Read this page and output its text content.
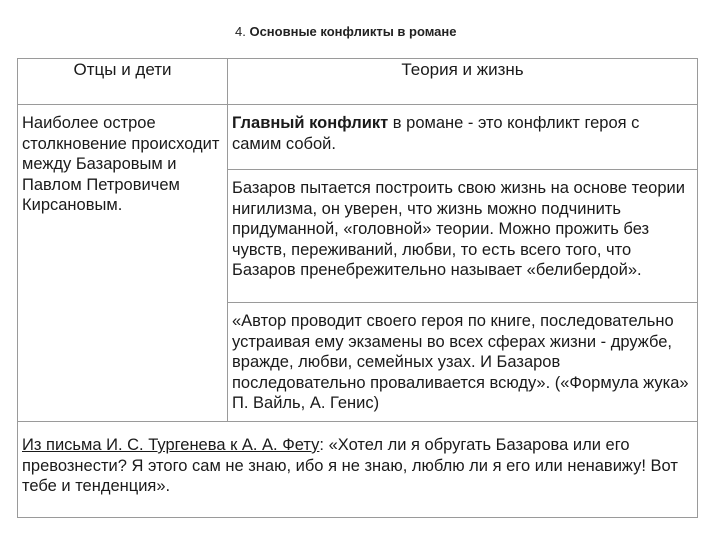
4. Основные конфликты в романе
Отцы и дети	Теория и жизнь
Наиболее острое столкновение происходит между Базаровым и Павлом Петровичем Кирсановым.	Главный конфликт в романе - это конфликт героя с самим собой.
	Базаров пытается построить свою жизнь на основе теории нигилизма, он уверен, что жизнь можно подчинить придуманной, «головной» теории. Можно прожить без чувств, переживаний, любви, то есть всего того, что Базаров пренебрежительно называет «белибердой».
	«Автор проводит своего героя по книге, последовательно устраивая ему экзамены во всех сферах жизни - дружбе, вражде, любви, семейных узах. И Базаров последовательно проваливается всюду». («Формула жука» П. Вайль, А. Генис)
Из письма И. С. Тургенева к А. А. Фету: «Хотел ли я обругать Базарова или его превознести? Я этого сам не знаю, ибо я не знаю, люблю ли я его или ненавижу! Вот тебе и тенденция».	
